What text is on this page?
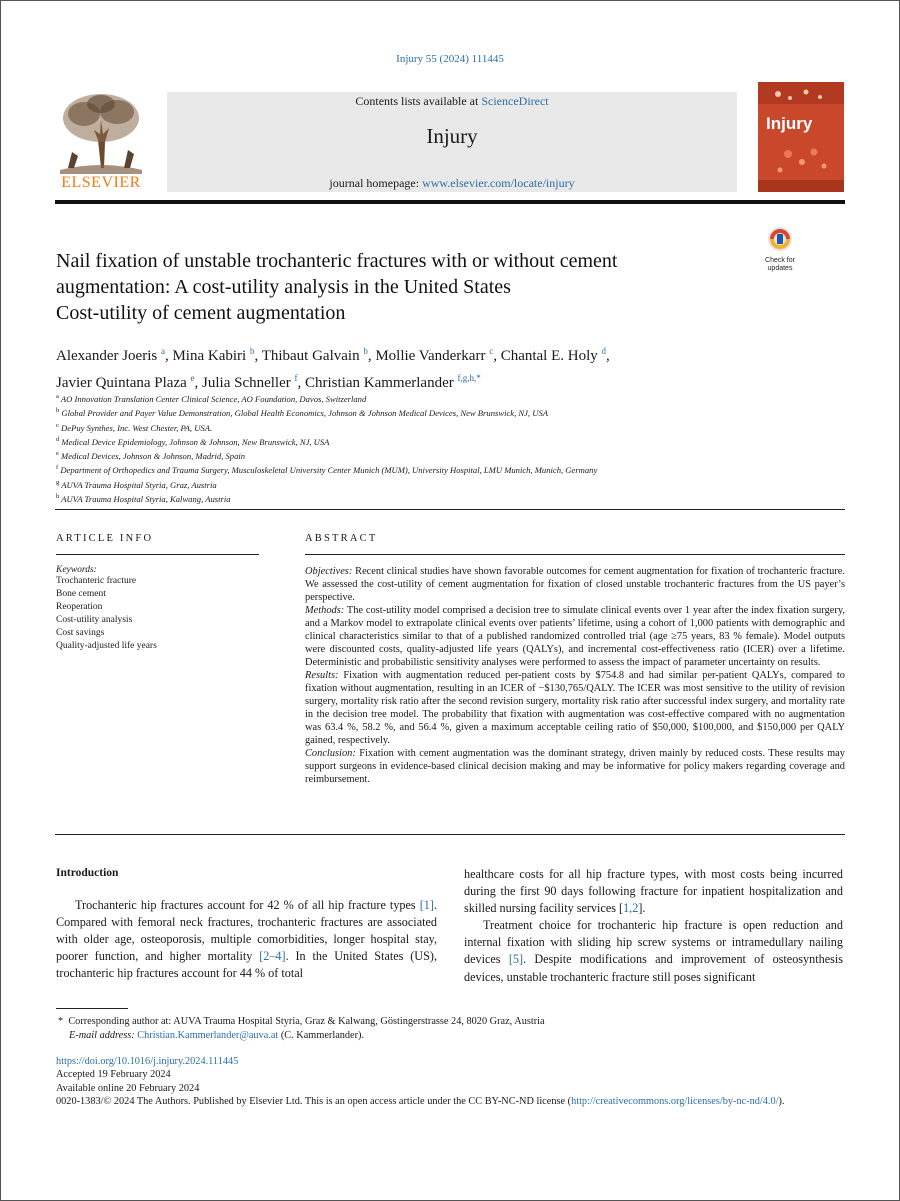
Injury 55 (2024) 111445
ELSEVIER
Contents lists available at ScienceDirect
Injury
journal homepage: www.elsevier.com/locate/injury
Injury
Check for
updates
Nail fixation of unstable trochanteric fractures with or without cement
augmentation: A cost-utility analysis in the United States
Cost-utility of cement augmentation
Alexander Joeris $^a$, Mina Kabiri $^b$, Thibaut Galvain $^b$, Mollie Vanderkarr $^c$, Chantal E. Holy $^d$,
Javier Quintana Plaza $^e$, Julia Schneller $^f$, Christian Kammerlander $^{f,g,h,*}$
$^a$ AO Innovation Translation Center Clinical Science, AO Foundation, Davos, Switzerland
$^b$ Global Provider and Payer Value Demonstration, Global Health Economics, Johnson & Johnson Medical Devices, New Brunswick, NJ, USA
$^c$ DePuy Synthes, Inc. West Chester, PA, USA.
$^d$ Medical Device Epidemiology, Johnson & Johnson, New Brunswick, NJ, USA
$^e$ Medical Devices, Johnson & Johnson, Madrid, Spain
$^f$ Department of Orthopedics and Trauma Surgery, Musculoskeletal University Center Munich (MUM), University Hospital, LMU Munich, Munich, Germany
$^g$ AUVA Trauma Hospital Styria, Graz, Austria
$^h$ AUVA Trauma Hospital Styria, Kalwang, Austria
ARTICLE INFO
Keywords:
Trochanteric fracture
Bone cement
Reoperation
Cost-utility analysis
Cost savings
Quality-adjusted life years
ABSTRACT

Objectives: Recent clinical studies have shown favorable outcomes for cement augmentation for fixation of trochanteric fracture. We assessed the cost-utility of cement augmentation for fixation of closed unstable trochanteric fractures from the US payer’s perspective.

Methods: The cost-utility model comprised a decision tree to simulate clinical events over 1 year after the index fixation surgery, and a Markov model to extrapolate clinical events over patients’ lifetime, using a cohort of 1,000 patients with demographic and clinical characteristics similar to that of a published randomized controlled trial (age ≥75 years, 83 % female). Model outputs were discounted costs, quality-adjusted life years (QALYs), and incremental cost-effectiveness ratio (ICER) over a lifetime. Deterministic and probabilistic sensitivity analyses were performed to assess the impact of parameter uncertainty on results.

Results: Fixation with augmentation reduced per-patient costs by $754.8 and had similar per-patient QALYs, compared to fixation without augmentation, resulting in an ICER of −$130,765/QALY. The ICER was most sensitive to the utility of revision surgery, mortality risk ratio after the second revision surgery, mortality risk ratio after successful index surgery, and mortality rate in the decision tree model. The probability that fixation with augmentation was cost-effective compared with no augmentation was 63.4 %, 58.2 %, and 56.4 %, given a maximum acceptable ceiling ratio of $50,000, $100,000, and $150,000 per QALY gained, respectively.

Conclusion: Fixation with cement augmentation was the dominant strategy, driven mainly by reduced costs. These results may support surgeons in evidence-based clinical decision making and may be informative for policy makers regarding coverage and reimbursement.

Introduction

Trochanteric hip fractures account for 42 % of all hip fracture types [1]. Compared with femoral neck fractures, trochanteric fractures are associated with older age, osteoporosis, multiple comorbidities, longer hospital stay, poorer function, and higher mortality [2–4]. In the United States (US), trochanteric hip fractures account for 44 % of total

healthcare costs for all hip fracture types, with most costs being incurred during the first 90 days following fracture for inpatient hospitalization and skilled nursing facility services [1,2].

Treatment choice for trochanteric hip fracture is open reduction and internal fixation with sliding hip screw systems or intramedullary nailing devices [5]. Despite modifications and improvement of osteosynthesis devices, unstable trochanteric fracture still poses significant

* Corresponding author at: AUVA Trauma Hospital Styria, Graz & Kalwang, Göstingerstrasse 24, 8020 Graz, Austria
E-mail address: Christian.Kammerlander@auva.at (C. Kammerlander).
https://doi.org/10.1016/j.injury.2024.111445
Accepted 19 February 2024
Available online 20 February 2024
0020-1383/© 2024 The Authors. Published by Elsevier Ltd. This is an open access article under the CC BY-NC-ND license (http://creativecommons.org/licenses/by-nc-nd/4.0/).
